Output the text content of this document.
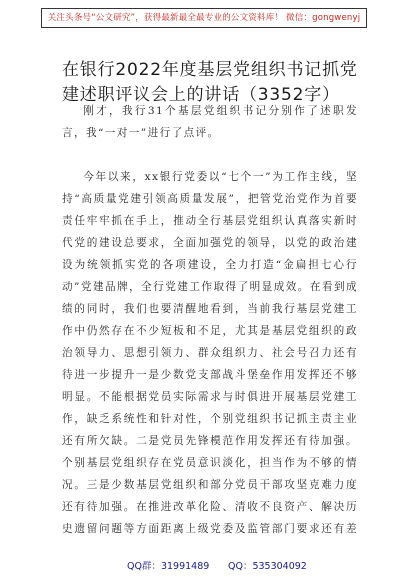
关注头条号“公文研究”，获得最新最全最专业的公文资料库！ 微信：gongwenyj
在银行2022年度基层党组织书记抓党建述职评议会上的讲话（3352字）

刚才，我行31个基层党组织书记分别作了述职发言，我“一对一”进行了点评。

今年以来，xx银行党委以“七个一”为工作主线，坚持“高质量党建引领高质量发展”，把管党治党作为首要责任牢牢抓在手上，推动全行基层党组织认真落实新时代党的建设总要求，全面加强党的领导，以党的政治建设为统领抓实党的各项建设，全力打造“金扁担七心行动”党建品牌，全行党建工作取得了明显成效。在看到成绩的同时，我们也要清醒地看到，当前我行基层党建工作中仍然存在不少短板和不足，尤其是基层党组织的政治领导力、思想引领力、群众组织力、社会号召力还有待进一步提升一是少数党支部战斗堡垒作用发挥还不够明显。不能根据党员实际需求与时俱进开展基层党建工作，缺乏系统性和针对性，个别党组织书记抓主责主业还有所欠缺。二是党员先锋模范作用发挥还有待加强。个别基层党组织存在党员意识淡化，担当作为不够的情况。三是少数基层党组织和部分党员干部攻坚克难力度还有待加强。在推进改革化险、清收不良资产、解决历史遗留问题等方面距离上级党委及监管部门要求还有差

QQ群：31991489 QQ：535304092
